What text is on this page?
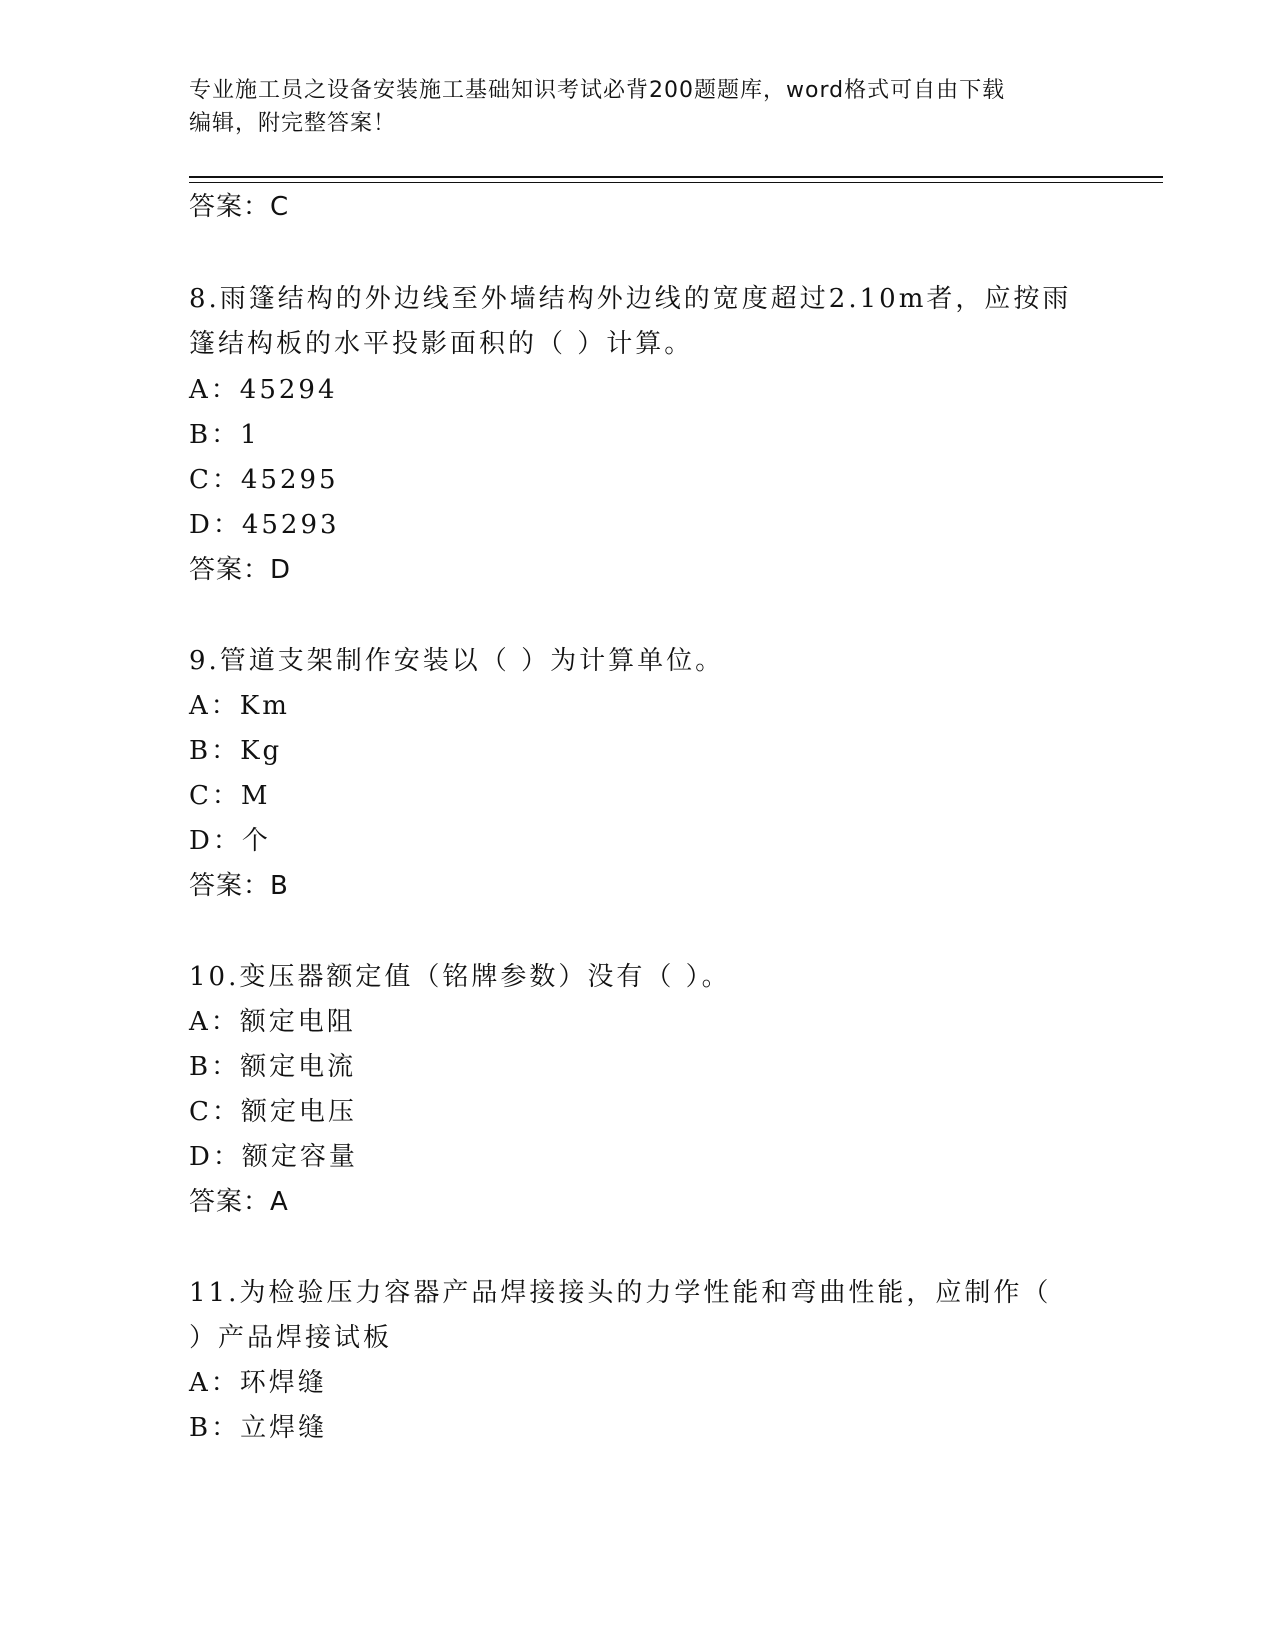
专业施工员之设备安装施工基础知识考试必背200题题库，word格式可自由下载
编辑，附完整答案！
答案：C
8.雨篷结构的外边线至外墙结构外边线的宽度超过2.10m者，应按雨
篷结构板的水平投影面积的（ ）计算。
A：45294
B：1
C：45295
D：45293
答案：D
9.管道支架制作安装以（ ）为计算单位。
A：Km
B：Kg
C：M
D：个
答案：B
10.变压器额定值（铭牌参数）没有（ ）。
A：额定电阻
B：额定电流
C：额定电压
D：额定容量
答案：A
11.为检验压力容器产品焊接接头的力学性能和弯曲性能，应制作（
）产品焊接试板
A：环焊缝
B：立焊缝
